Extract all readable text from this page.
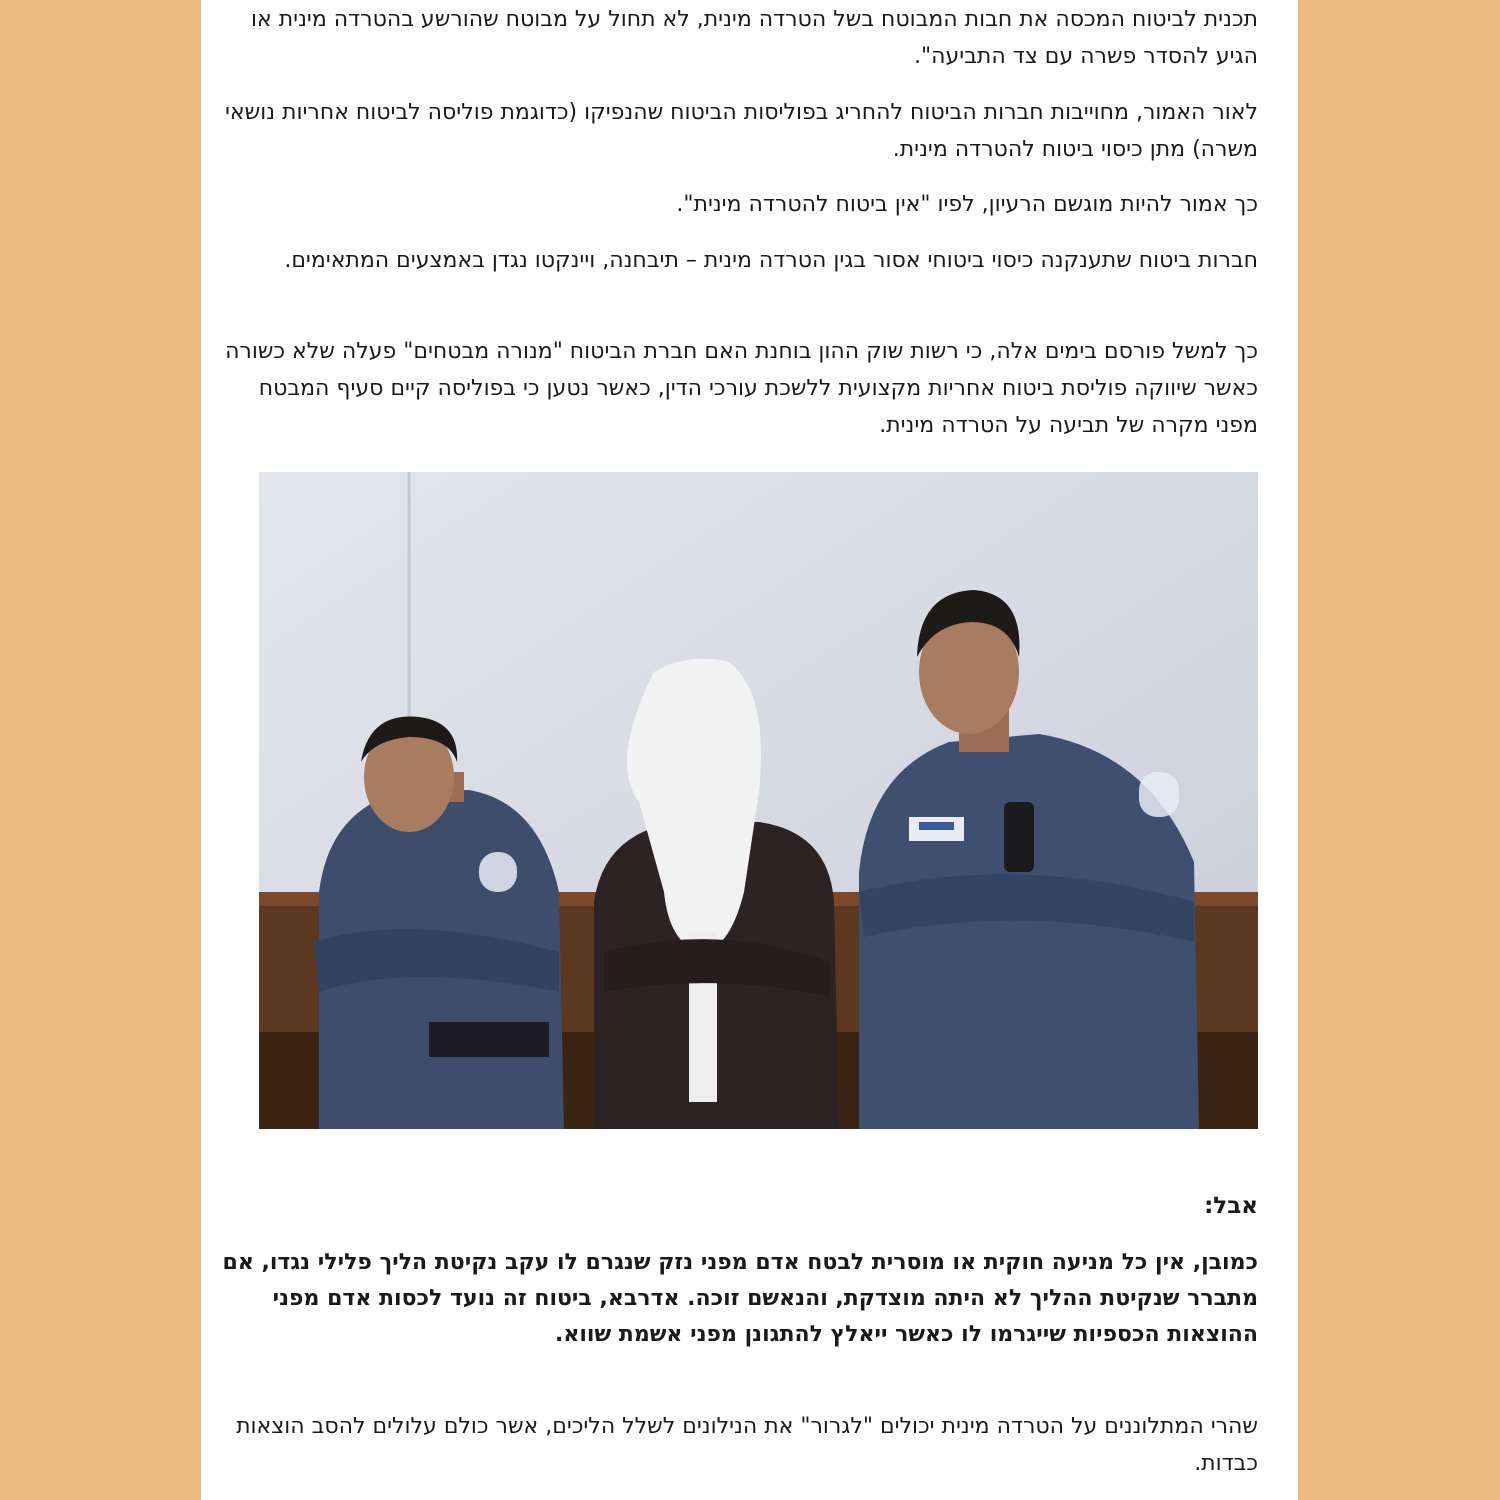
תכנית לביטוח המכסה את חבות המבוטח בשל הטרדה מינית, לא תחול על מבוטח שהורשע בהטרדה מינית או הגיע להסדר פשרה עם צד התביעה".

לאור האמור, מחוייבות חברות הביטוח להחריג בפוליסות הביטוח שהנפיקו (כדוגמת פוליסה לביטוח אחריות נושאי משרה) מתן כיסוי ביטוח להטרדה מינית.

כך אמור להיות מוגשם הרעיון, לפיו "אין ביטוח להטרדה מינית".

חברות ביטוח שתענקנה כיסוי ביטוחי אסור בגין הטרדה מינית – תיבחנה, ויינקטו נגדן באמצעים המתאימים.

כך למשל פורסם בימים אלה, כי רשות שוק ההון בוחנת האם חברת הביטוח "מנורה מבטחים" פעלה שלא כשורה כאשר שיווקה פוליסת ביטוח אחריות מקצועית ללשכת עורכי הדין, כאשר נטען כי בפוליסה קיים סעיף המבטח מפני מקרה של תביעה על הטרדה מינית.

אבל:

כמובן, אין כל מניעה חוקית או מוסרית לבטח אדם מפני נזק שנגרם לו עקב נקיטת הליך פלילי נגדו, אם מתברר שנקיטת ההליך לא היתה מוצדקת, והנאשם זוכה. אדרבא, ביטוח זה נועד לכסות אדם מפני ההוצאות הכספיות שייגרמו לו כאשר ייאלץ להתגונן מפני אשמת שווא.

שהרי המתלוננים על הטרדה מינית יכולים "לגרור" את הנילונים לשלל הליכים, אשר כולם עלולים להסב הוצאות כבדות.
